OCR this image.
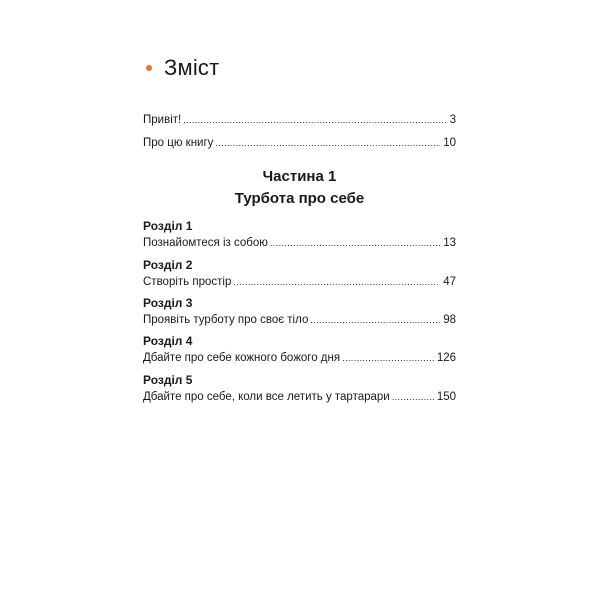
Зміст
Привіт! .....	3
Про цю книгу .....	10
Частина 1
Турбота про себе
Розділ 1
Познайомтеся із собою .....	13
Розділ 2
Створіть простір .....	47
Розділ 3
Проявіть турботу про своє тіло .....	98
Розділ 4
Дбайте про себе кожного божого дня .....	126
Розділ 5
Дбайте про себе, коли все летить у тартарари .....	150
